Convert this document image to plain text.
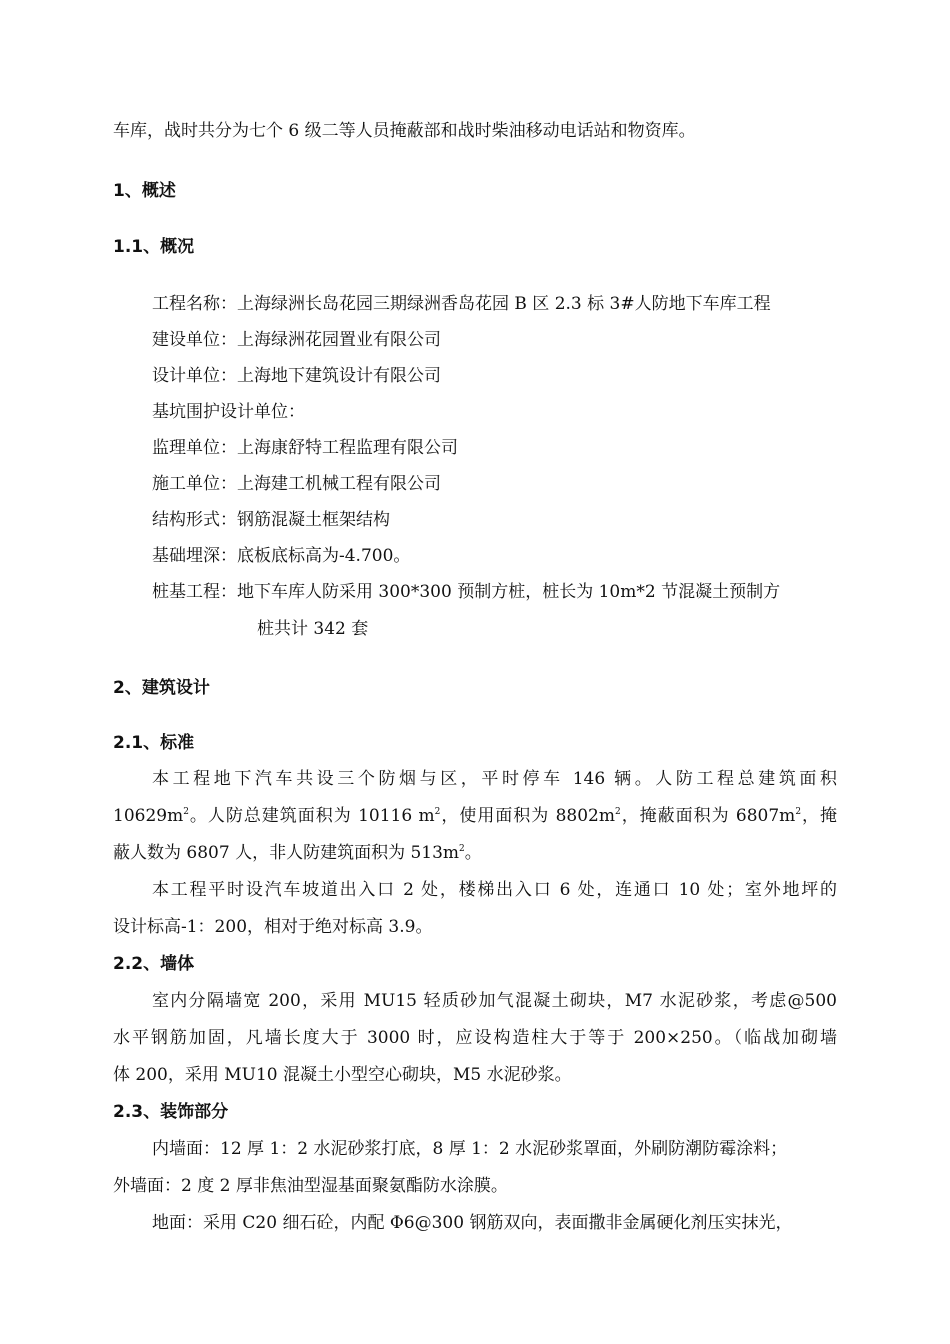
车库，战时共分为七个 6 级二等人员掩蔽部和战时柴油移动电话站和物资库。
1、概述
1.1、概况
工程名称：上海绿洲长岛花园三期绿洲香岛花园 B 区 2.3 标 3#人防地下车库工程
建设单位：上海绿洲花园置业有限公司
设计单位：上海地下建筑设计有限公司
基坑围护设计单位：
监理单位：上海康舒特工程监理有限公司
施工单位：上海建工机械工程有限公司
结构形式：钢筋混凝土框架结构
基础埋深：底板底标高为-4.700。
桩基工程：地下车库人防采用 300*300 预制方桩，桩长为 10m*2 节混凝土预制方
桩共计 342 套
2、建筑设计
2.1、标准
本工程地下汽车共设三个防烟与区，平时停车 146 辆。人防工程总建筑面积
$10629m^2$。人防总建筑面积为 10116 $m^2$，使用面积为 $8802m^2$，掩蔽面积为 $6807m^2$，掩
蔽人数为 6807 人，非人防建筑面积为 $513m^2$。
本工程平时设汽车坡道出入口 2 处，楼梯出入口 6 处，连通口 10 处；室外地坪的
设计标高-1：200，相对于绝对标高 3.9。
2.2、墙体
室内分隔墙宽 200，采用 MU15 轻质砂加气混凝土砌块，M7 水泥砂浆，考虑@500
水平钢筋加固，凡墙长度大于 3000 时，应设构造柱大于等于 200×250。（临战加砌墙
体 200，采用 MU10 混凝土小型空心砌块，M5 水泥砂浆。
2.3、装饰部分
内墙面：12 厚 1：2 水泥砂浆打底，8 厚 1：2 水泥砂浆罩面，外刷防潮防霉涂料；
外墙面：2 度 2 厚非焦油型湿基面聚氨酯防水涂膜。
地面：采用 C20 细石砼，内配 Φ6@300 钢筋双向，表面撒非金属硬化剂压实抹光，
